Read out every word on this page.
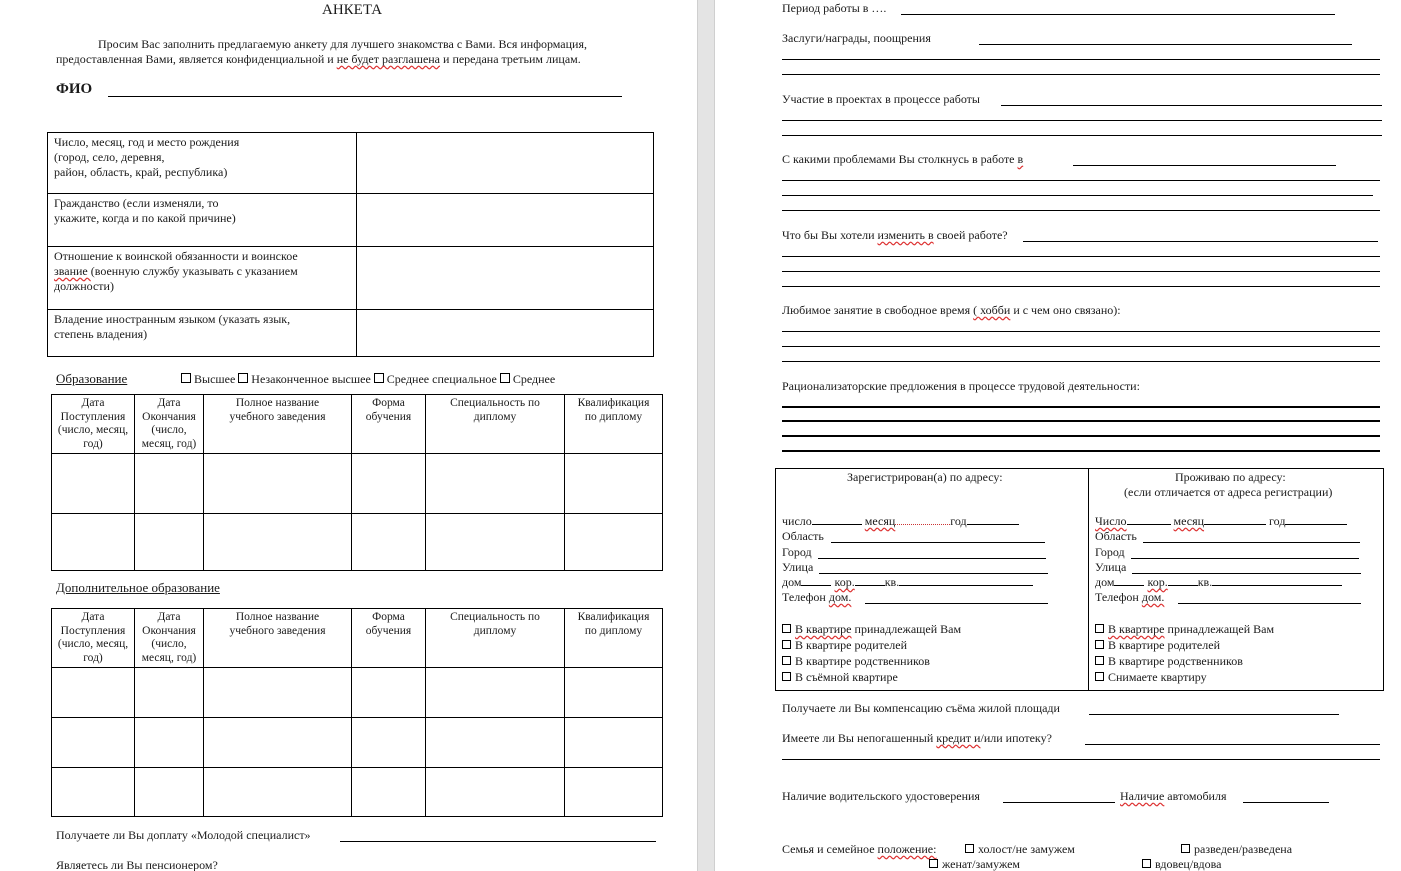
АНКЕТА
Просим Вас заполнить предлагаемую анкету для лучшего знакомства с Вами. Вся информация,
предоставленная Вами, является конфиденциальной и не будет разглашена и передана третьим лицам.
ФИО
Число, месяц, год и место рождения
(город, село, деревня,
район, область, край, республика)	
Гражданство (если изменяли, то
укажите, когда и по какой причине)	
Отношение к воинской обязанности и воинское
звание (военную службу указывать с указанием
должности)	
Владение иностранным языком (указать язык,
степень владения)	
Образование	Высшее Незаконченное высшее Среднее специальное Среднее
Дата
Поступления
(число, месяц,
год)	Дата
Окончания
(число,
месяц, год)	Полное название
учебного заведения	Форма
обучения	Специальность по
диплому	Квалификация
по диплому

Дополнительное образование
Дата
Поступления
(число, месяц,
год)	Дата
Окончания
(число,
месяц, год)	Полное название
учебного заведения	Форма
обучения	Специальность по
диплому	Квалификация
по диплому

Получаете ли Вы доплату «Молодой специалист»
Являетесь ли Вы пенсионером?
Период работы в ….
Заслуги/награды, поощрения
Участие в проектах в процессе работы
С какими проблемами Вы столкнусь в работе в
Что бы Вы хотели изменить в своей работе?
Любимое занятие в свободное время ( хобби и с чем оно связано):
Рационализаторские предложения в процессе трудовой деятельности:
Зарегистрирован(а) по адресу:	Проживаю по адресу:
(если отличается от адреса регистрации)
число	месяц	год
Область
Город
Улица
дом	кор.	кв.
Телефон дом.
Число	месяц	год
Область
Город
Улица
дом	кор.	кв.
Телефон дом.
В квартире принадлежащей Вам
В квартире родителей
В квартире родственников
В съёмной квартире
В квартире принадлежащей Вам
В квартире родителей
В квартире родственников
Снимаете квартиру
Получаете ли Вы компенсацию съёма жилой площади
Имеете ли Вы непогашенный кредит и/или ипотеку?
Наличие водительского удостоверения	Наличие автомобиля
Семья и семейное положение:	холост/не замужем	разведен/разведена
женат/замужем	вдовец/вдова
